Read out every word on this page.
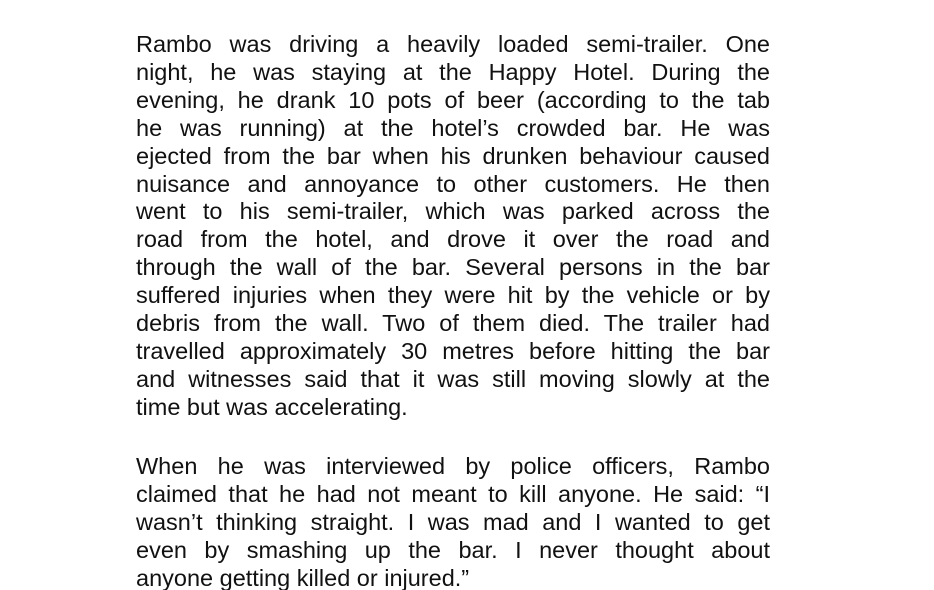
Rambo was driving a heavily loaded semi-trailer. One
night, he was staying at the Happy Hotel. During the
evening, he drank 10 pots of beer (according to the tab
he was running) at the hotel’s crowded bar. He was
ejected from the bar when his drunken behaviour caused
nuisance and annoyance to other customers. He then
went to his semi-trailer, which was parked across the
road from the hotel, and drove it over the road and
through the wall of the bar. Several persons in the bar
suffered injuries when they were hit by the vehicle or by
debris from the wall. Two of them died. The trailer had
travelled approximately 30 metres before hitting the bar
and witnesses said that it was still moving slowly at the
time but was accelerating.
When he was interviewed by police officers, Rambo
claimed that he had not meant to kill anyone. He said: “I
wasn’t thinking straight. I was mad and I wanted to get
even by smashing up the bar. I never thought about
anyone getting killed or injured.”
